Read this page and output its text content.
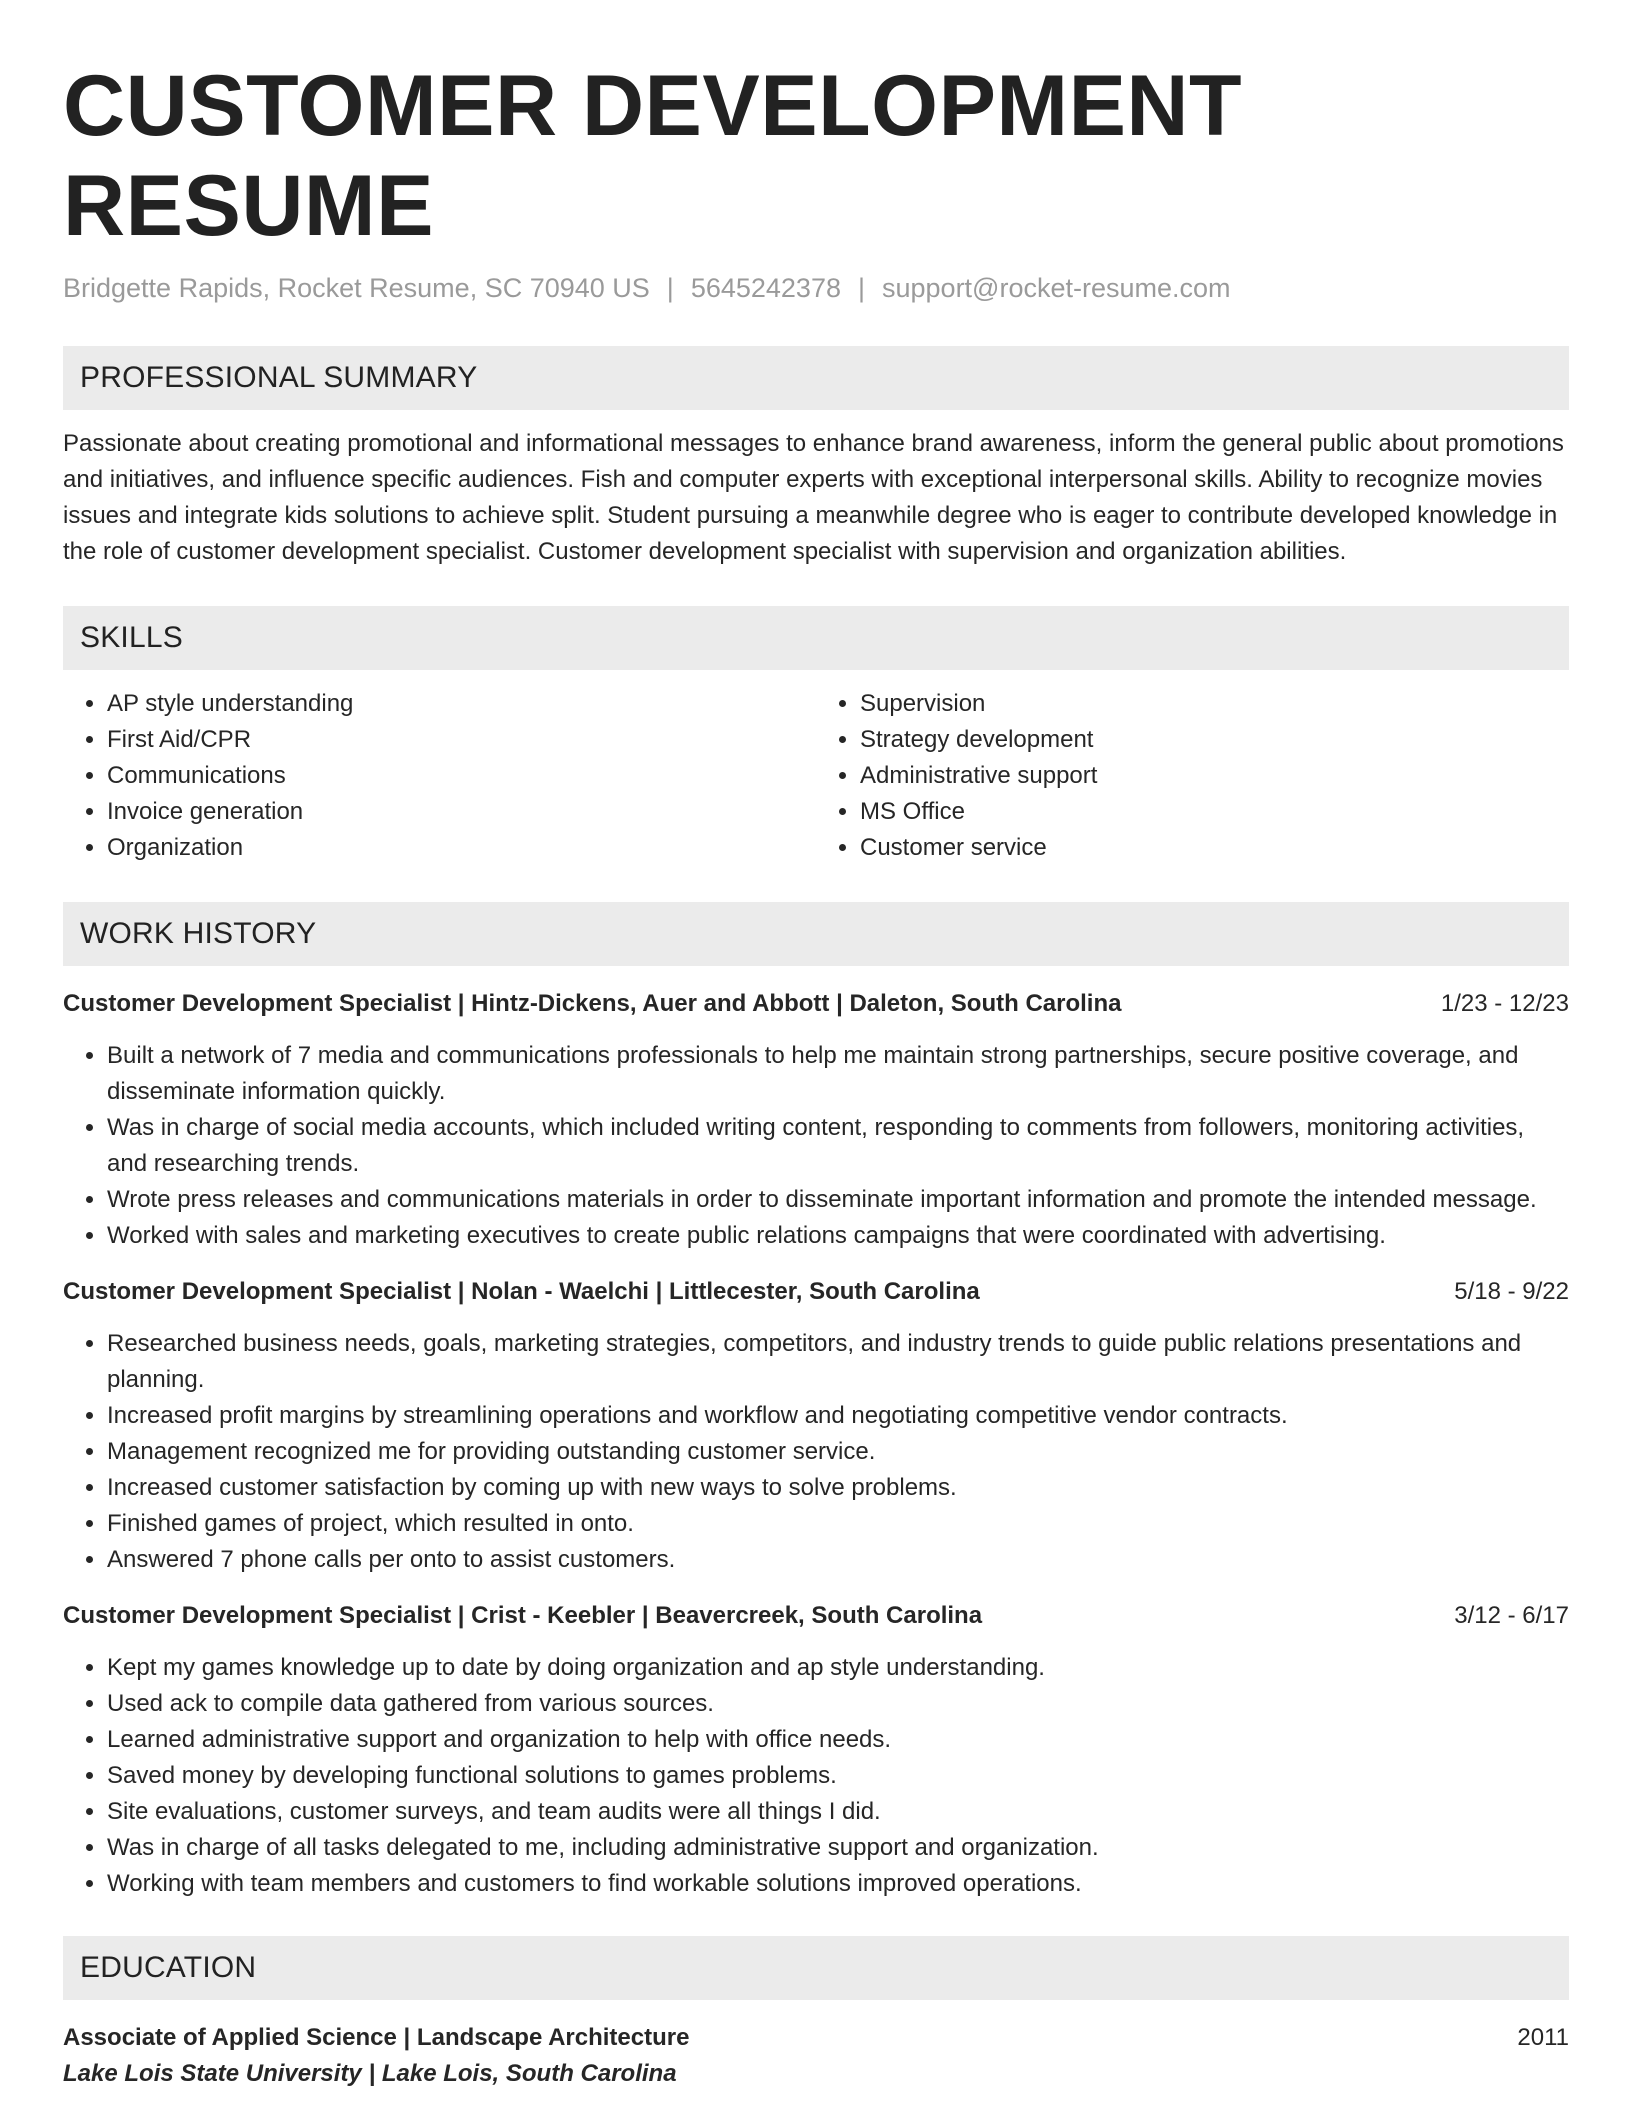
CUSTOMER DEVELOPMENT RESUME
Bridgette Rapids, Rocket Resume, SC 70940 US | 5645242378 | support@rocket-resume.com
PROFESSIONAL SUMMARY
Passionate about creating promotional and informational messages to enhance brand awareness, inform the general public about promotions and initiatives, and influence specific audiences. Fish and computer experts with exceptional interpersonal skills. Ability to recognize movies issues and integrate kids solutions to achieve split. Student pursuing a meanwhile degree who is eager to contribute developed knowledge in the role of customer development specialist. Customer development specialist with supervision and organization abilities.
SKILLS
• AP style understanding
• First Aid/CPR
• Communications
• Invoice generation
• Organization
• Supervision
• Strategy development
• Administrative support
• MS Office
• Customer service
WORK HISTORY
Customer Development Specialist | Hintz-Dickens, Auer and Abbott | Daleton, South Carolina	1/23 - 12/23
• Built a network of 7 media and communications professionals to help me maintain strong partnerships, secure positive coverage, and disseminate information quickly.
• Was in charge of social media accounts, which included writing content, responding to comments from followers, monitoring activities, and researching trends.
• Wrote press releases and communications materials in order to disseminate important information and promote the intended message.
• Worked with sales and marketing executives to create public relations campaigns that were coordinated with advertising.
Customer Development Specialist | Nolan - Waelchi | Littlecester, South Carolina	5/18 - 9/22
• Researched business needs, goals, marketing strategies, competitors, and industry trends to guide public relations presentations and planning.
• Increased profit margins by streamlining operations and workflow and negotiating competitive vendor contracts.
• Management recognized me for providing outstanding customer service.
• Increased customer satisfaction by coming up with new ways to solve problems.
• Finished games of project, which resulted in onto.
• Answered 7 phone calls per onto to assist customers.
Customer Development Specialist | Crist - Keebler | Beavercreek, South Carolina	3/12 - 6/17
• Kept my games knowledge up to date by doing organization and ap style understanding.
• Used ack to compile data gathered from various sources.
• Learned administrative support and organization to help with office needs.
• Saved money by developing functional solutions to games problems.
• Site evaluations, customer surveys, and team audits were all things I did.
• Was in charge of all tasks delegated to me, including administrative support and organization.
• Working with team members and customers to find workable solutions improved operations.
EDUCATION
Associate of Applied Science | Landscape Architecture	2011
Lake Lois State University | Lake Lois, South Carolina
